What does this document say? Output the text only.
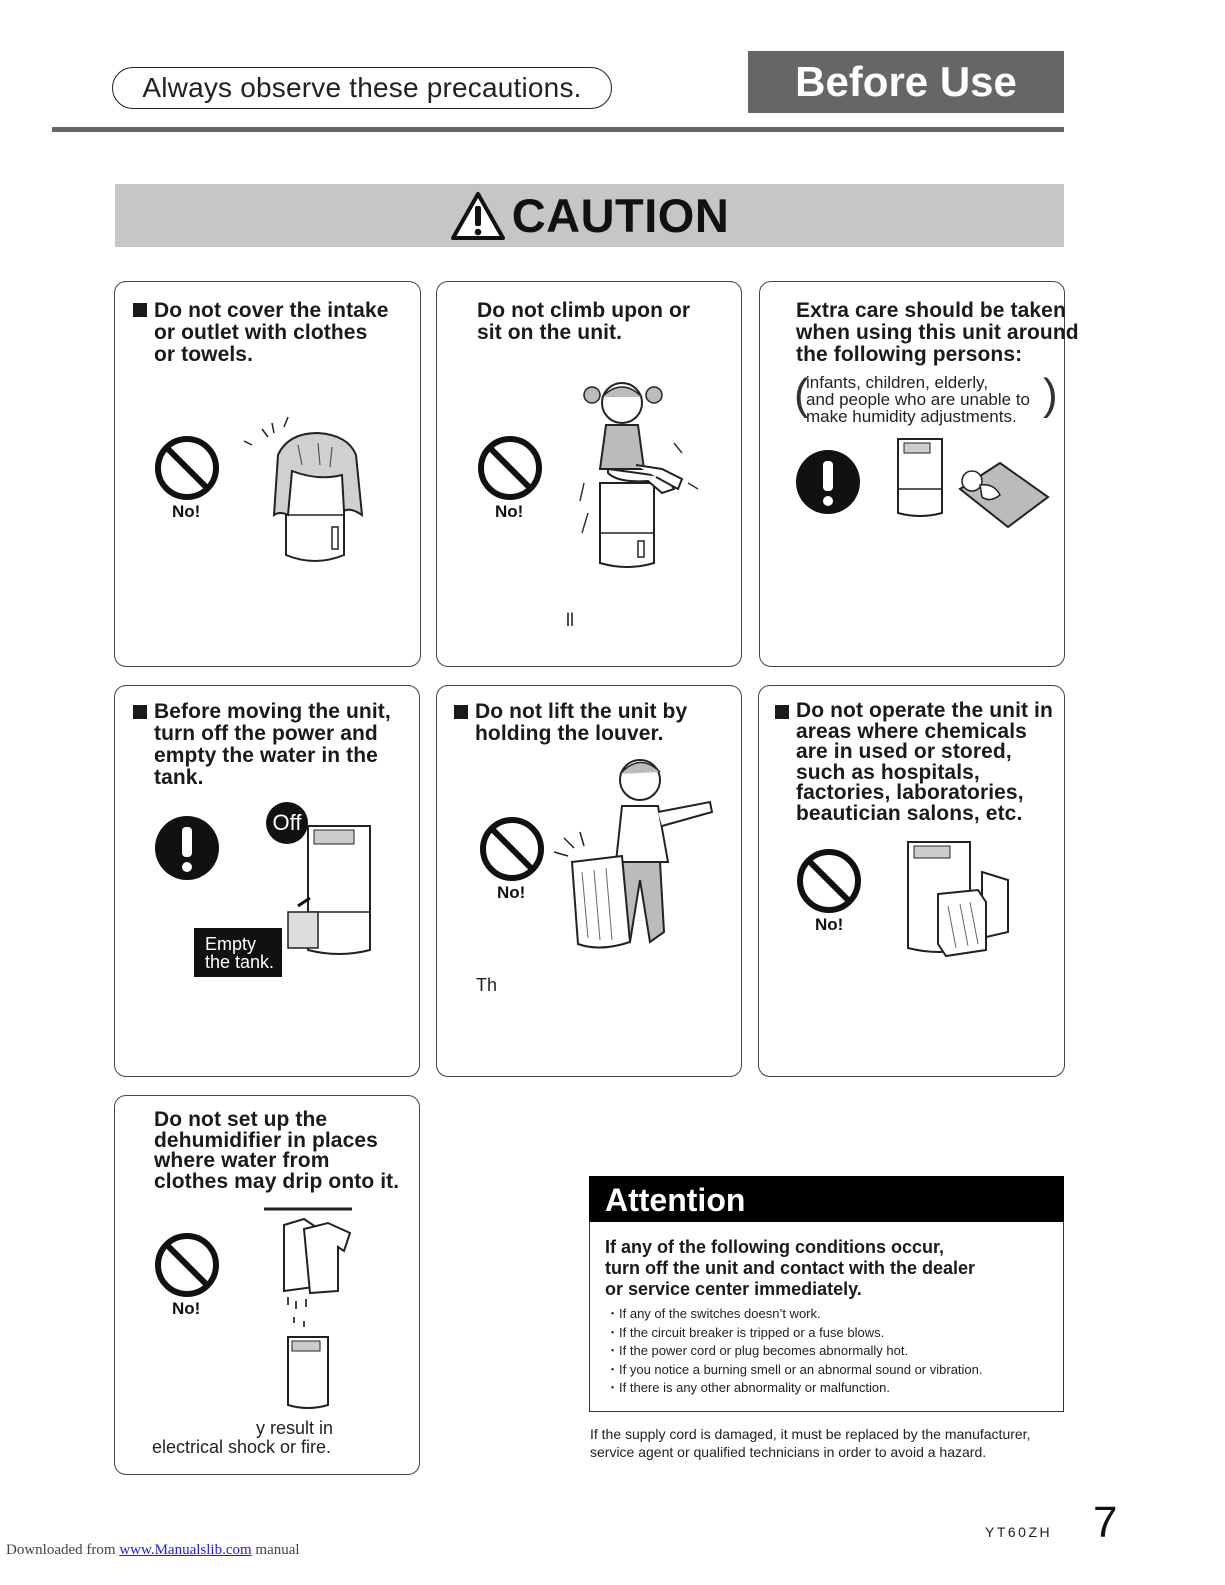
Always observe these precautions.	Before Use
CAUTION
Do not cover the intake
or outlet with clothes
or towels.
No!
Do not climb upon or
sit on the unit.
No!
ll
Extra care should be taken
when using this unit around
the following persons:
(	)
infants, children, elderly,
and people who are unable to
make humidity adjustments.
Before moving the unit,
turn off the power and
empty the water in the
tank.
Off
Empty
the tank.
Do not lift the unit by
holding the louver.
No!
Th
Do not operate the unit in
areas where chemicals
are in used or stored,
such as hospitals,
factories, laboratories,
beautician salons, etc.
No!
Do not set up the
dehumidifier in places
where water from
clothes may drip onto it.
No!
y result in
electrical shock or fire.
Attention
If any of the following conditions occur,
turn off the unit and contact with the dealer
or service center immediately.
・ If any of the switches doesn’t work.
・ If the circuit breaker is tripped or a fuse blows.
・ If the power cord or plug becomes abnormally hot.
・ If you notice a burning smell or an abnormal sound or vibration.
・ If there is any other abnormality or malfunction.
If the supply cord is damaged, it must be replaced by the manufacturer,
service agent or qualified technicians in order to avoid a hazard.
YT60ZH 7
Downloaded from www.Manualslib.com manual
